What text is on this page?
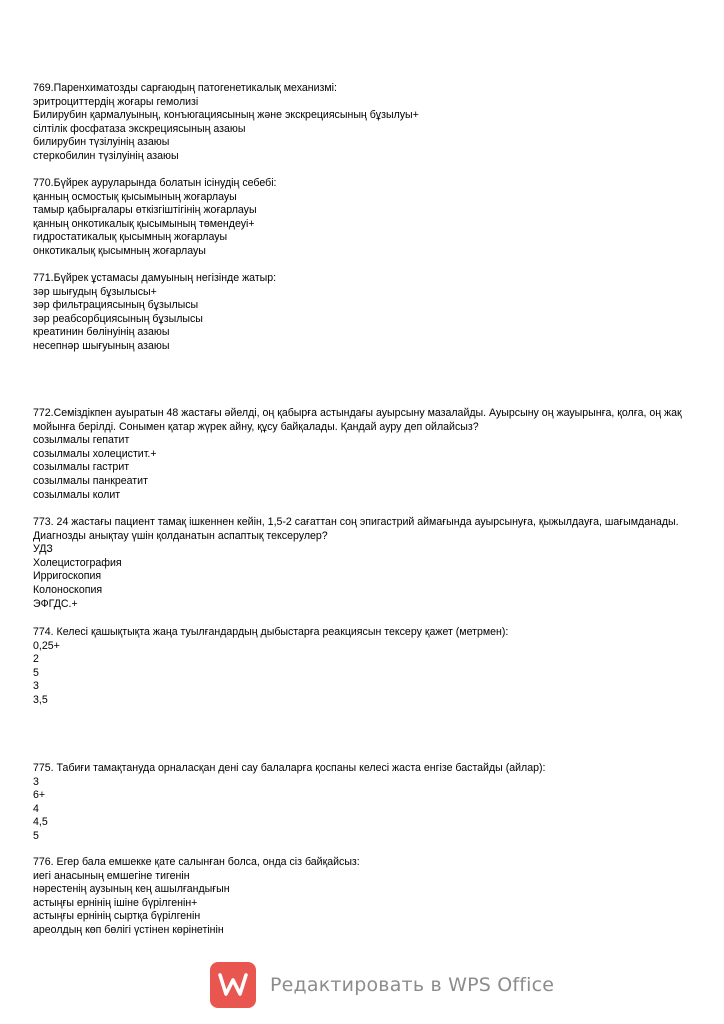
769.Паренхиматозды сарғаюдың патогенетикалық механизмі:
эритроциттердің жоғары гемолизі
Билирубин қармалуының, конъюгациясының және экскрециясының бұзылуы+
сілтілік фосфатаза экскрециясының азаюы
билирубин түзілуінің азаюы
стеркобилин түзілуінің азаюы
770.Бүйрек ауруларында болатын ісінудің себебі:
қанның осмостық қысымының жоғарлауы
тамыр қабырғалары өткізгіштігінің жоғарлауы
қанның онкотикалық қысымының төмендеуі+
гидростатикалық қысымның жоғарлауы
онкотикалық қысымның жоғарлауы
771.Бүйрек ұстамасы дамуының негізінде жатыр:
зәр шығудың бұзылысы+
зәр фильтрациясының бұзылысы
зәр реабсорбциясының бұзылысы
креатинин бөлінуінің азаюы
несепнәр шығуының азаюы
772.Семіздікпен ауыратын 48 жастағы әйелді, оң қабырға астындағы ауырсыну мазалайды. Ауырсыну оң жауырынға, қолға, оң жақ мойынға берілді. Сонымен қатар жүрек айну, құсу байқалады. Қандай ауру деп ойлайсыз?
созылмалы гепатит
созылмалы холецистит.+
созылмалы гастрит
созылмалы панкреатит
созылмалы колит
773. 24 жастағы пациент тамақ ішкеннен кейін, 1,5-2 сағаттан соң эпигастрий аймағында ауырсынуға, қыжылдауға, шағымданады. Диагнозды анықтау үшін қолданатын аспаптық тексерулер?
УДЗ
Холецистография
Ирригоскопия
Колоноскопия
ЭФГДС.+
774. Келесі қашықтықта жаңа туылғандардың дыбыстарға реакциясын тексеру қажет (метрмен):
0,25+
2
5
3
3,5
775. Табиғи тамақтануда орналасқан дені сау балаларға қоспаны келесі жаста енгізе бастайды (айлар):
3
6+
4
4,5
5
776. Егер бала емшекке қате салынған болса, онда сіз байқайсыз:
иегі анасының емшегіне тигенін
нәрестенің аузының кең ашылғандығын
астыңғы ернінің ішіне бүрілгенін+
астыңғы ернінің сыртқа бүрілгенін
ареолдың көп бөлігі үстінен көрінетінін
Редактировать в WPS Office
